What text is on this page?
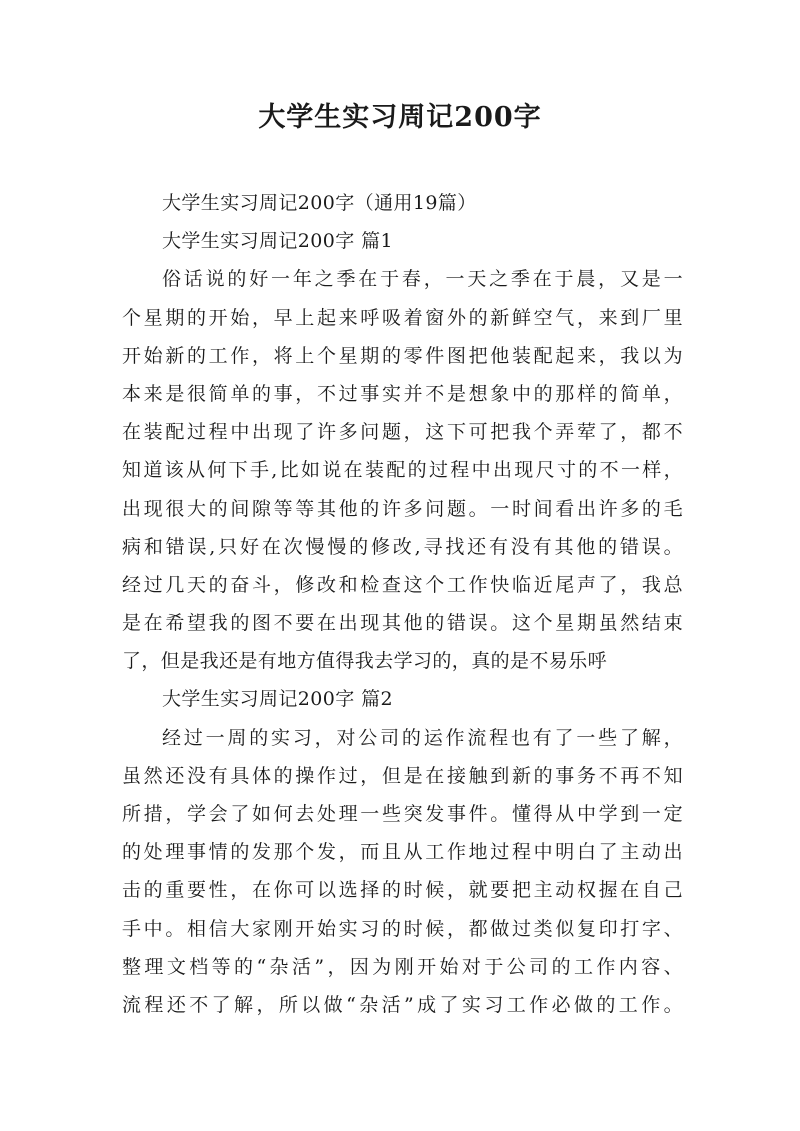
大学生实习周记200字
大学生实习周记200字（通用19篇）
大学生实习周记200字 篇1
俗话说的好一年之季在于春，一天之季在于晨，又是一
个星期的开始，早上起来呼吸着窗外的新鲜空气，来到厂里
开始新的工作，将上个星期的零件图把他装配起来，我以为
本来是很简单的事，不过事实并不是想象中的那样的简单，
在装配过程中出现了许多问题，这下可把我个弄荤了，都不
知道该从何下手,比如说在装配的过程中出现尺寸的不一样，
出现很大的间隙等等其他的许多问题。一时间看出许多的毛
病和错误,只好在次慢慢的修改,寻找还有没有其他的错误。
经过几天的奋斗，修改和检查这个工作快临近尾声了，我总
是在希望我的图不要在出现其他的错误。这个星期虽然结束
了，但是我还是有地方值得我去学习的，真的是不易乐呼
大学生实习周记200字 篇2
经过一周的实习，对公司的运作流程也有了一些了解，
虽然还没有具体的操作过，但是在接触到新的事务不再不知
所措，学会了如何去处理一些突发事件。懂得从中学到一定
的处理事情的发那个发，而且从工作地过程中明白了主动出
击的重要性，在你可以选择的时候，就要把主动权握在自己
手中。相信大家刚开始实习的时候，都做过类似复印打字、
整理文档等的“杂活”，因为刚开始对于公司的工作内容、
流程还不了解，所以做“杂活”成了实习工作必做的工作。
